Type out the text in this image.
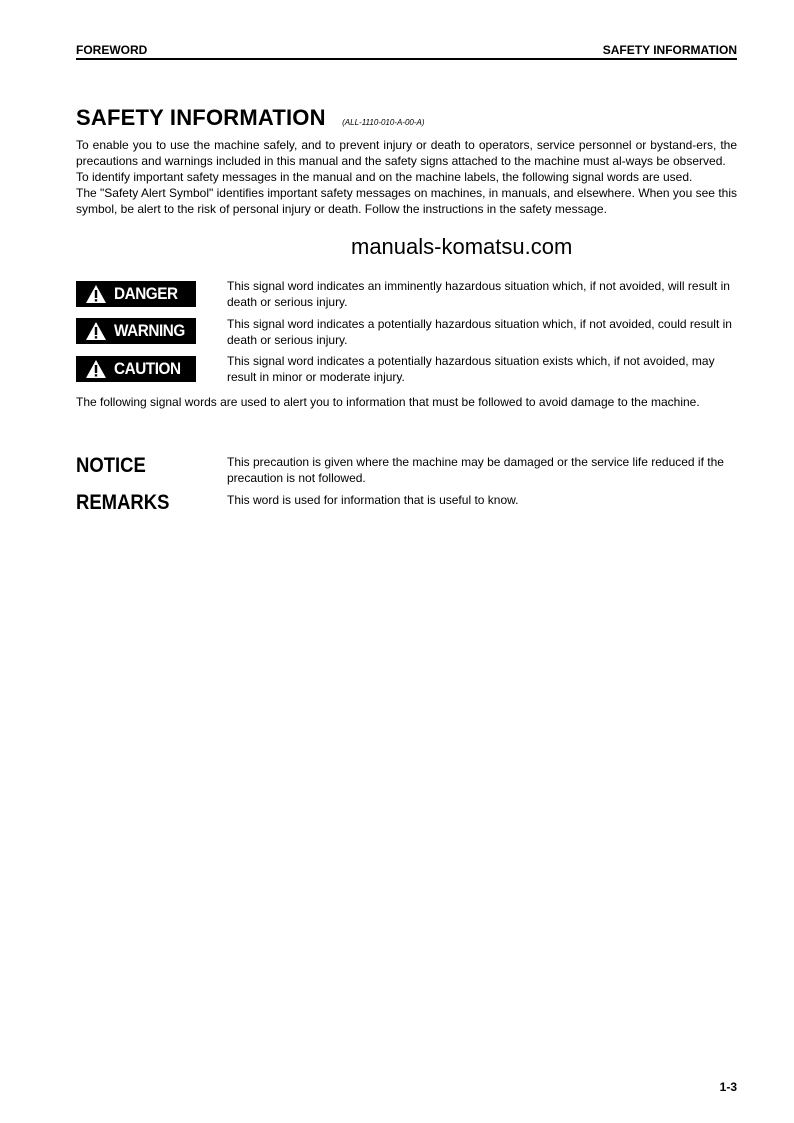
FOREWORD	SAFETY INFORMATION
SAFETY INFORMATION (ALL-1110-010-A-00-A)

To enable you to use the machine safely, and to prevent injury or death to operators, service personnel or bystand-ers, the precautions and warnings included in this manual and the safety signs attached to the machine must al-ways be observed.

To identify important safety messages in the manual and on the machine labels, the following signal words are used.

The "Safety Alert Symbol" identifies important safety messages on machines, in manuals, and elsewhere. When you see this symbol, be alert to the risk of personal injury or death. Follow the instructions in the safety message.

manuals-komatsu.com
DANGER	This signal word indicates an imminently hazardous situation which, if not avoided, will result in death or serious injury.
WARNING	This signal word indicates a potentially hazardous situation which, if not avoided, could result in death or serious injury.
CAUTION	This signal word indicates a potentially hazardous situation exists which, if not avoided, may result in minor or moderate injury.
The following signal words are used to alert you to information that must be followed to avoid damage to the machine.
NOTICE	This precaution is given where the machine may be damaged or the service life reduced if the precaution is not followed.
REMARKS	This word is used for information that is useful to know.
1-3
